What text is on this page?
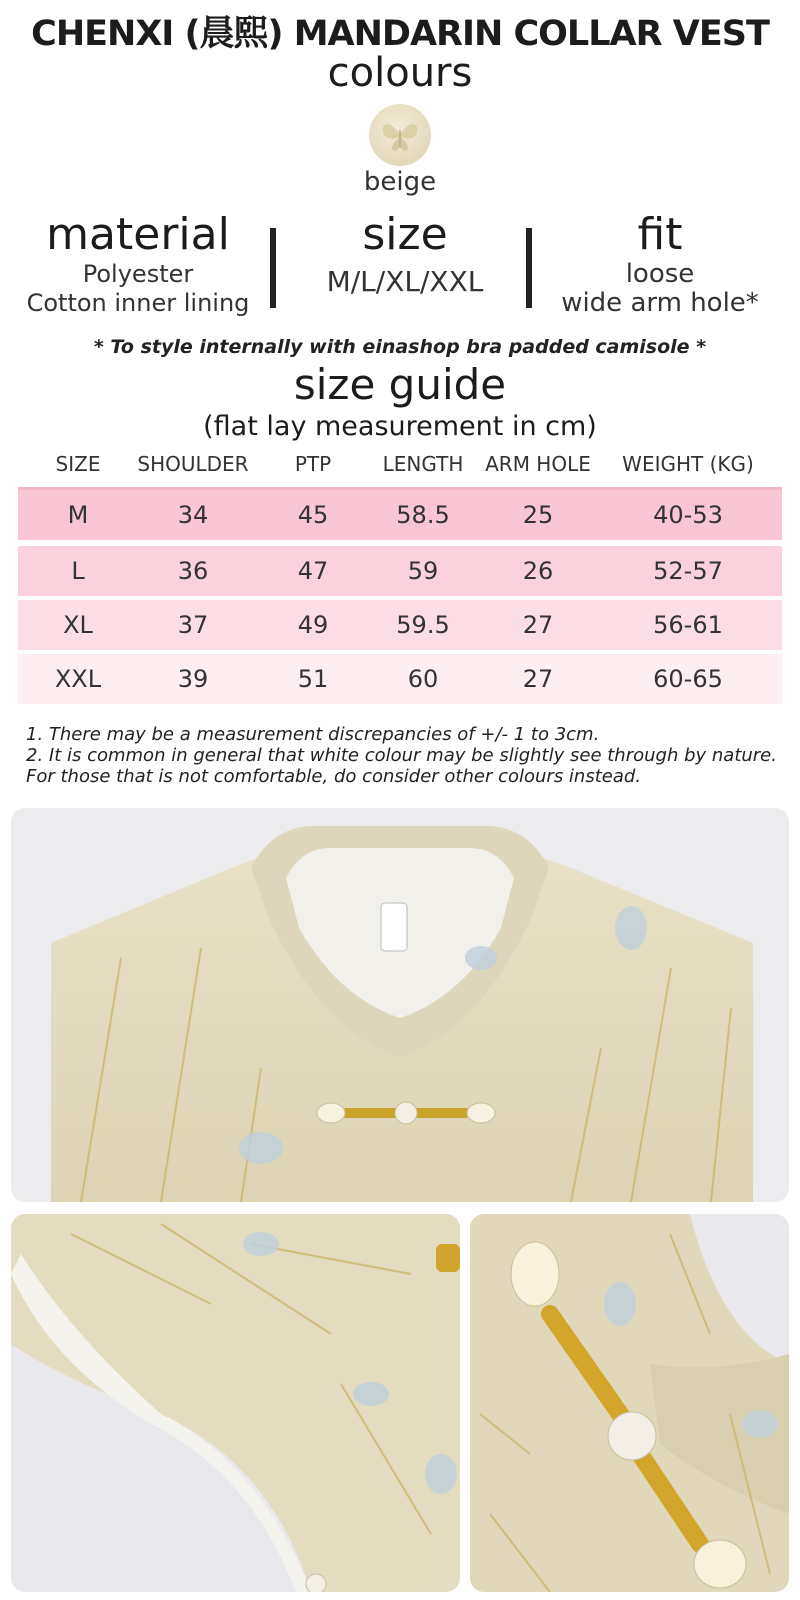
CHENXI (晨熙) MANDARIN COLLAR VEST
colours
beige
material
Polyester
Cotton inner lining
size
M/L/XL/XXL
fit
loose
wide arm hole*
* To style internally with einashop bra padded camisole *
size guide
(flat lay measurement in cm)
SIZE	SHOULDER	PTP	LENGTH	ARM HOLE	WEIGHT (KG)
M	34	45	58.5	25	40-53
L	36	47	59	26	52-57
XL	37	49	59.5	27	56-61
XXL	39	51	60	27	60-65
1. There may be a measurement discrepancies of +/- 1 to 3cm.
2. It is common in general that white colour may be slightly see through by nature. For those that is not comfortable, do consider other colours instead.
